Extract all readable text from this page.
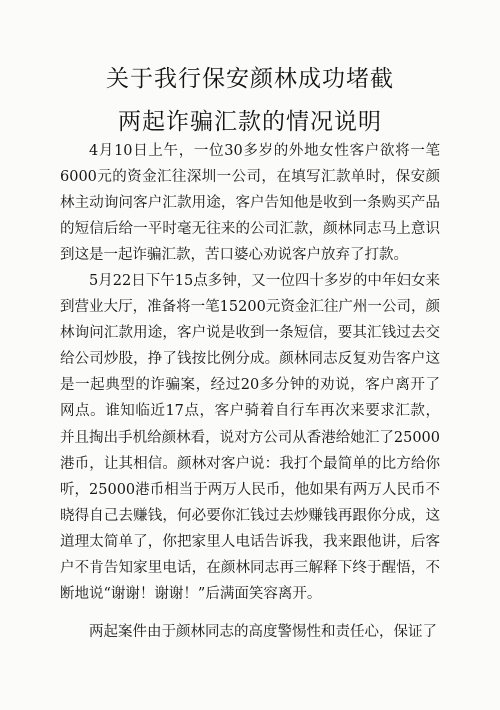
关于我行保安颜林成功堵截
两起诈骗汇款的情况说明

4月10日上午，一位30多岁的外地女性客户欲将一笔6000元的资金汇往深圳一公司，在填写汇款单时，保安颜林主动询问客户汇款用途，客户告知他是收到一条购买产品的短信后给一平时毫无往来的公司汇款，颜林同志马上意识到这是一起诈骗汇款，苦口婆心劝说客户放弃了打款。

5月22日下午15点多钟，又一位四十多岁的中年妇女来到营业大厅，准备将一笔15200元资金汇往广州一公司，颜林询问汇款用途，客户说是收到一条短信，要其汇钱过去交给公司炒股，挣了钱按比例分成。颜林同志反复劝告客户这是一起典型的诈骗案，经过20多分钟的劝说，客户离开了网点。谁知临近17点，客户骑着自行车再次来要求汇款，并且掏出手机给颜林看，说对方公司从香港给她汇了25000港币，让其相信。颜林对客户说：我打个最简单的比方给你听，25000港币相当于两万人民币，他如果有两万人民币不晓得自己去赚钱，何必要你汇钱过去炒赚钱再跟你分成，这道理太简单了，你把家里人电话告诉我，我来跟他讲，后客户不肯告知家里电话，在颜林同志再三解释下终于醒悟，不断地说“谢谢！谢谢！”后满面笑容离开。

两起案件由于颜林同志的高度警惕性和责任心，保证了
